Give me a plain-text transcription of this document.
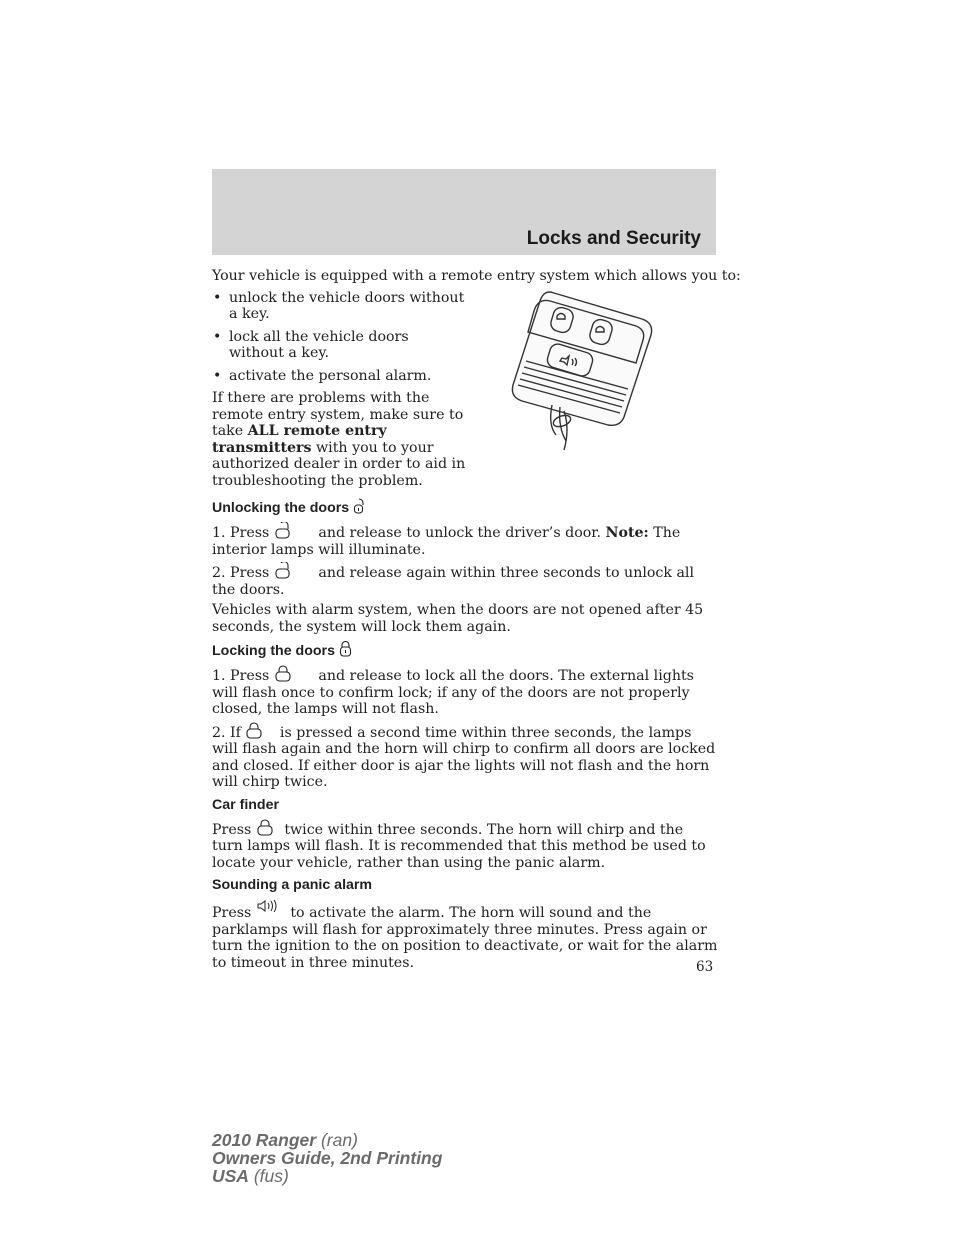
Locks and Security

Your vehicle is equipped with a remote entry system which allows you to:

• unlock the vehicle doors without a key.
• lock all the vehicle doors without a key.
• activate the personal alarm.

If there are problems with the remote entry system, make sure to take ALL remote entry transmitters with you to your authorized dealer in order to aid in troubleshooting the problem.

Unlocking the doors

1. Press	and release to unlock the driver’s door. Note: The interior lamps will illuminate.

2. Press	and release again within three seconds to unlock all the doors.

Vehicles with alarm system, when the doors are not opened after 45 seconds, the system will lock them again.

Locking the doors

1. Press	and release to lock all the doors. The external lights will flash once to confirm lock; if any of the doors are not properly closed, the lamps will not flash.

2. If  is pressed a second time within three seconds, the lamps will flash again and the horn will chirp to confirm all doors are locked and closed. If either door is ajar the lights will not flash and the horn will chirp twice.

Car finder

Press  twice within three seconds. The horn will chirp and the turn lamps will flash. It is recommended that this method be used to locate your vehicle, rather than using the panic alarm.

Sounding a panic alarm

Press  to activate the alarm. The horn will sound and the parklamps will flash for approximately three minutes. Press again or turn the ignition to the on position to deactivate, or wait for the alarm to timeout in three minutes.	63
2010 Ranger (ran)
Owners Guide, 2nd Printing
USA (fus)
